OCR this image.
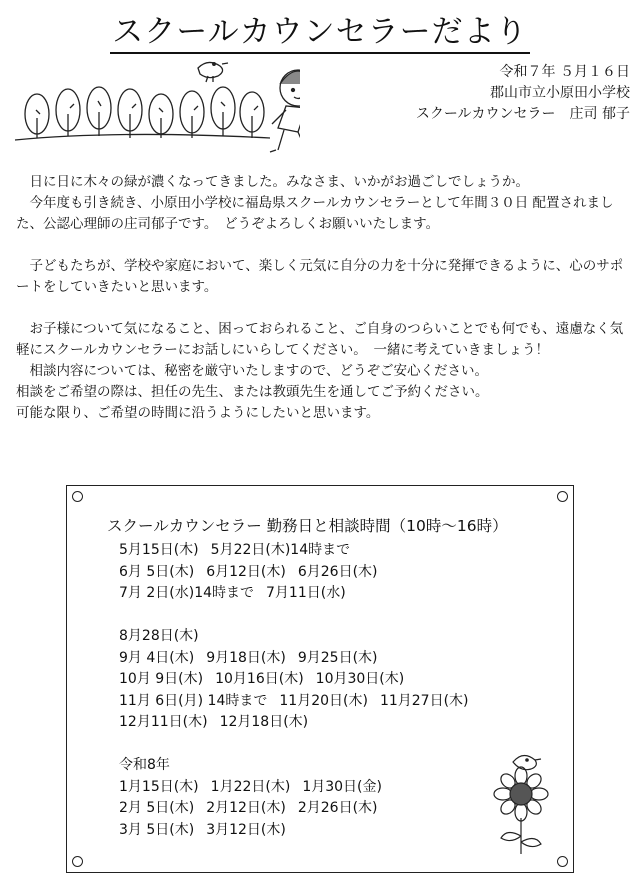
スクールカウンセラーだより
令和７年 ５月１６日
郡山市立小原田小学校
スクールカウンセラー　庄司 郁子

　日に日に木々の緑が濃くなってきました。みなさま、いかがお過ごしでしょうか。

　今年度も引き続き、小原田小学校に福島県スクールカウンセラーとして年間３０日 配置されました、公認心理師の庄司郁子です。　どうぞよろしくお願いいたします。

　子どもたちが、学校や家庭において、楽しく元気に自分の力を十分に発揮できるように、心のサポートをしていきたいと思います。

　お子様について気になること、困っておられること、ご自身のつらいことでも何でも、遠慮なく気軽にスクールカウンセラーにお話しにいらしてください。　一緒に考えていきましょう！

　相談内容については、秘密を厳守いたしますので、どうぞご安心ください。

相談をご希望の際は、担任の先生、または教頭先生を通してご予約ください。

可能な限り、ご希望の時間に沿うようにしたいと思います。

スクールカウンセラー 勤務日と相談時間（10時〜16時）
5月15日(木) 5月22日(木)14時まで
6月 5日(木) 6月12日(木) 6月26日(木)
7月 2日(水)14時まで 7月11日(水)
8月28日(木)
9月 4日(木) 9月18日(木) 9月25日(木)
10月 9日(木) 10月16日(木) 10月30日(木)
11月 6日(月) 14時まで 11月20日(木) 11月27日(木)
12月11日(木) 12月18日(木)
令和8年
1月15日(木) 1月22日(木) 1月30日(金)
2月 5日(木) 2月12日(木) 2月26日(木)
3月 5日(木) 3月12日(木)
